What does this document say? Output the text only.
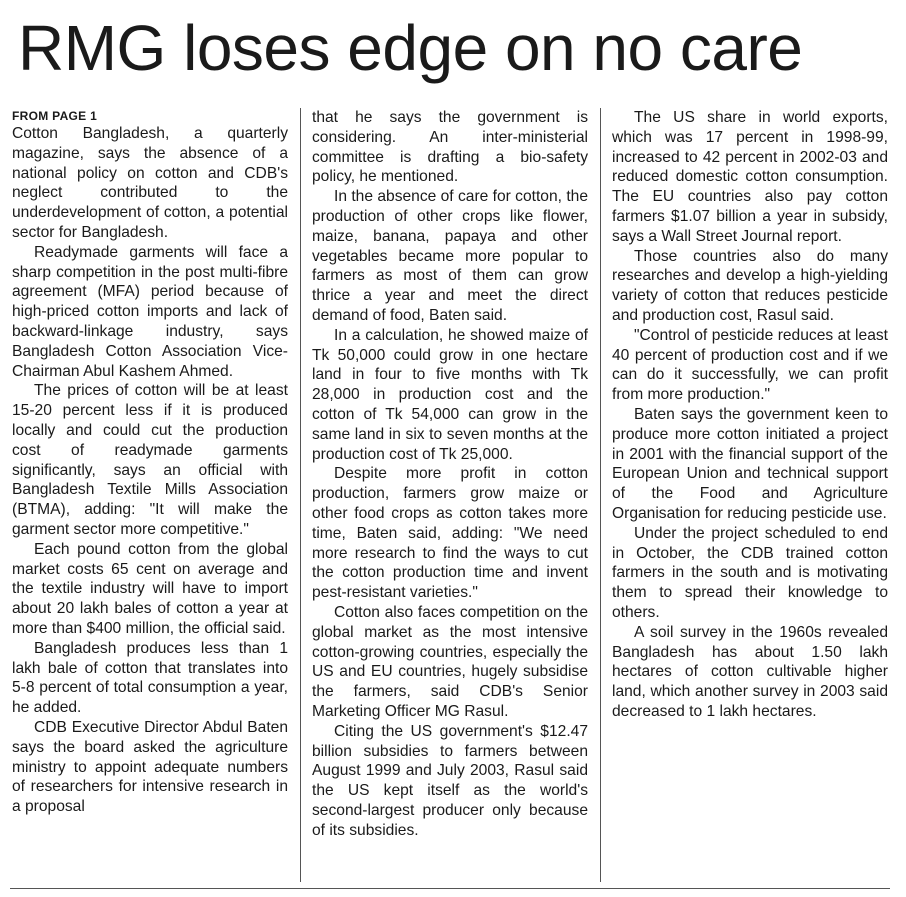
RMG loses edge on no care
FROM PAGE 1

Cotton Bangladesh, a quarterly magazine, says the absence of a national policy on cotton and CDB's neglect contributed to the underdevelopment of cotton, a potential sector for Bangladesh.

Readymade garments will face a sharp competition in the post multi-fibre agreement (MFA) period because of high-priced cotton imports and lack of backward-linkage industry, says Bangladesh Cotton Association Vice-Chairman Abul Kashem Ahmed.

The prices of cotton will be at least 15-20 percent less if it is produced locally and could cut the production cost of readymade garments significantly, says an official with Bangladesh Textile Mills Association (BTMA), adding: "It will make the garment sector more competitive."

Each pound cotton from the global market costs 65 cent on average and the textile industry will have to import about 20 lakh bales of cotton a year at more than $400 million, the official said.

Bangladesh produces less than 1 lakh bale of cotton that translates into 5-8 percent of total consumption a year, he added.

CDB Executive Director Abdul Baten says the board asked the agriculture ministry to appoint adequate numbers of researchers for intensive research in a proposal

that he says the government is considering. An inter-ministerial committee is drafting a bio-safety policy, he mentioned.

In the absence of care for cotton, the production of other crops like flower, maize, banana, papaya and other vegetables became more popular to farmers as most of them can grow thrice a year and meet the direct demand of food, Baten said.

In a calculation, he showed maize of Tk 50,000 could grow in one hectare land in four to five months with Tk 28,000 in production cost and the cotton of Tk 54,000 can grow in the same land in six to seven months at the production cost of Tk 25,000.

Despite more profit in cotton production, farmers grow maize or other food crops as cotton takes more time, Baten said, adding: "We need more research to find the ways to cut the cotton production time and invent pest-resistant varieties."

Cotton also faces competition on the global market as the most intensive cotton-growing countries, especially the US and EU countries, hugely subsidise the farmers, said CDB's Senior Marketing Officer MG Rasul.

Citing the US government's $12.47 billion subsidies to farmers between August 1999 and July 2003, Rasul said the US kept itself as the world's second-largest producer only because of its subsidies.

The US share in world exports, which was 17 percent in 1998-99, increased to 42 percent in 2002-03 and reduced domestic cotton consumption. The EU countries also pay cotton farmers $1.07 billion a year in subsidy, says a Wall Street Journal report.

Those countries also do many researches and develop a high-yielding variety of cotton that reduces pesticide and production cost, Rasul said.

"Control of pesticide reduces at least 40 percent of production cost and if we can do it successfully, we can profit from more production."

Baten says the government keen to produce more cotton initiated a project in 2001 with the financial support of the European Union and technical support of the Food and Agriculture Organisation for reducing pesticide use.

Under the project scheduled to end in October, the CDB trained cotton farmers in the south and is motivating them to spread their knowledge to others.

A soil survey in the 1960s revealed Bangladesh has about 1.50 lakh hectares of cotton cultivable higher land, which another survey in 2003 said decreased to 1 lakh hectares.
